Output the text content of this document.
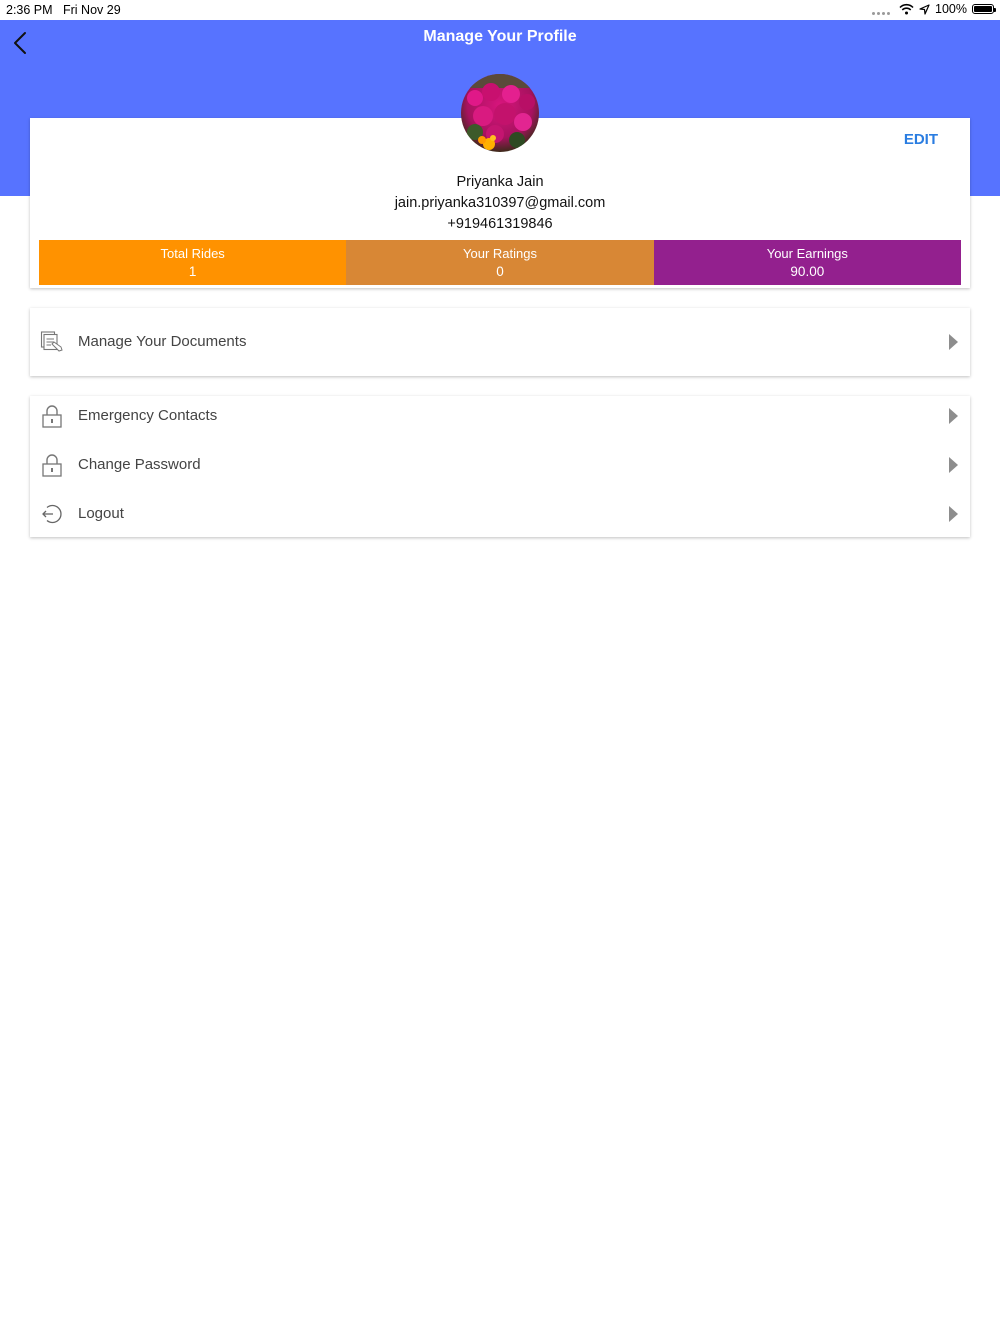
2:36 PM Fri Nov 29	100%
Manage Your Profile
EDIT
Priyanka Jain
jain.priyanka310397@gmail.com
+919461319846
Total Rides
1
Your Ratings
0
Your Earnings
90.00
Manage Your Documents
Emergency Contacts
Change Password
Logout
